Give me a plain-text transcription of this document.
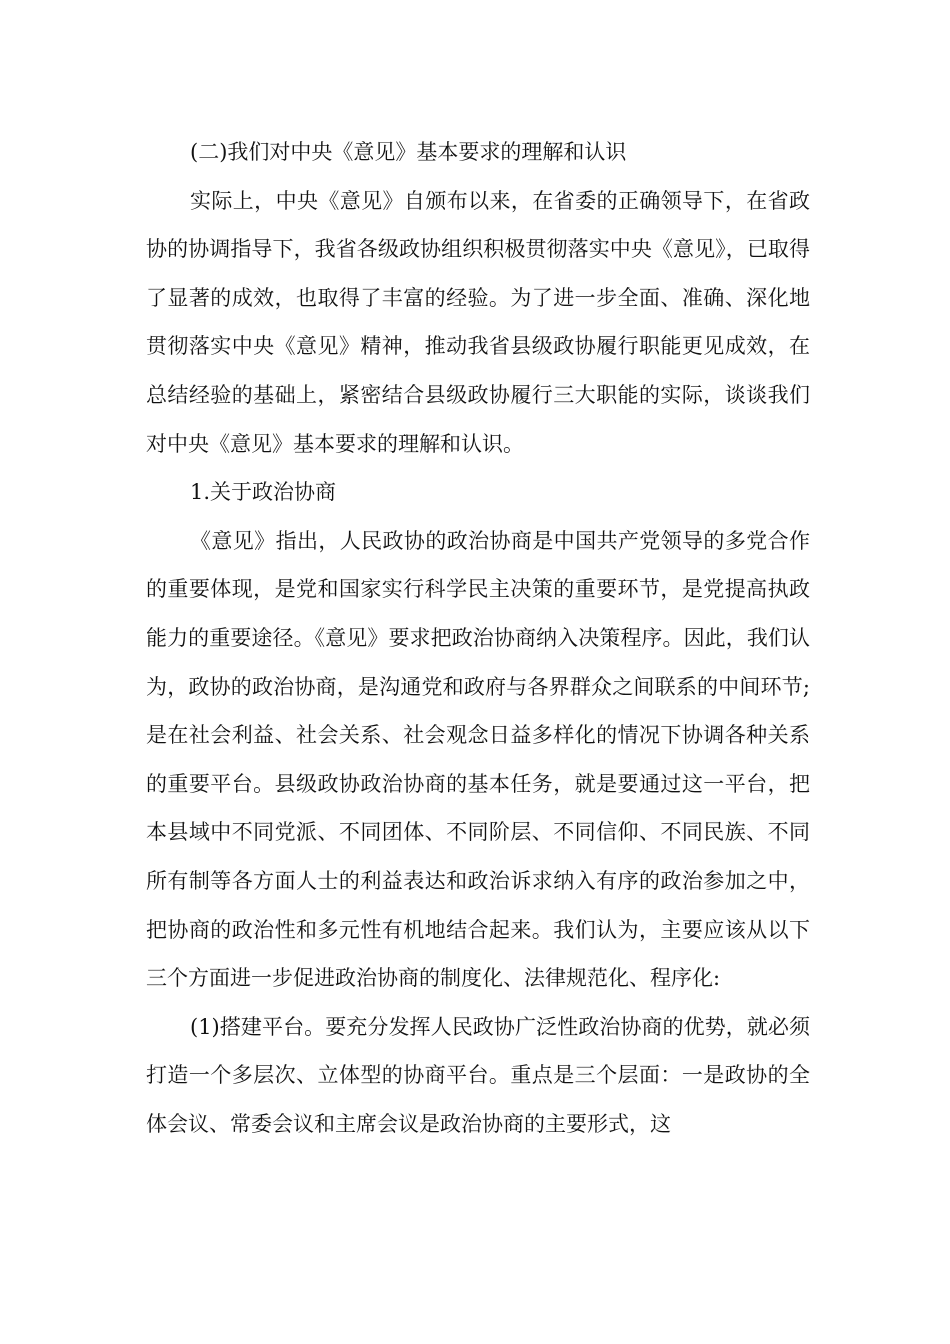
(二)我们对中央《意见》基本要求的理解和认识

实际上，中央《意见》自颁布以来，在省委的正确领导下，在省政协的协调指导下，我省各级政协组织积极贯彻落实中央《意见》，已取得了显著的成效，也取得了丰富的经验。为了进一步全面、准确、深化地贯彻落实中央《意见》精神，推动我省县级政协履行职能更见成效，在总结经验的基础上，紧密结合县级政协履行三大职能的实际，谈谈我们对中央《意见》基本要求的理解和认识。

1.关于政治协商

《意见》指出，人民政协的政治协商是中国共产党领导的多党合作的重要体现，是党和国家实行科学民主决策的重要环节，是党提高执政能力的重要途径。《意见》要求把政治协商纳入决策程序。因此，我们认为，政协的政治协商，是沟通党和政府与各界群众之间联系的中间环节;是在社会利益、社会关系、社会观念日益多样化的情况下协调各种关系的重要平台。县级政协政治协商的基本任务，就是要通过这一平台，把本县域中不同党派、不同团体、不同阶层、不同信仰、不同民族、不同所有制等各方面人士的利益表达和政治诉求纳入有序的政治参加之中，把协商的政治性和多元性有机地结合起来。我们认为，主要应该从以下三个方面进一步促进政治协商的制度化、法律规范化、程序化:

(1)搭建平台。要充分发挥人民政协广泛性政治协商的优势，就必须打造一个多层次、立体型的协商平台。重点是三个层面：一是政协的全体会议、常委会议和主席会议是政治协商的主要形式，这
